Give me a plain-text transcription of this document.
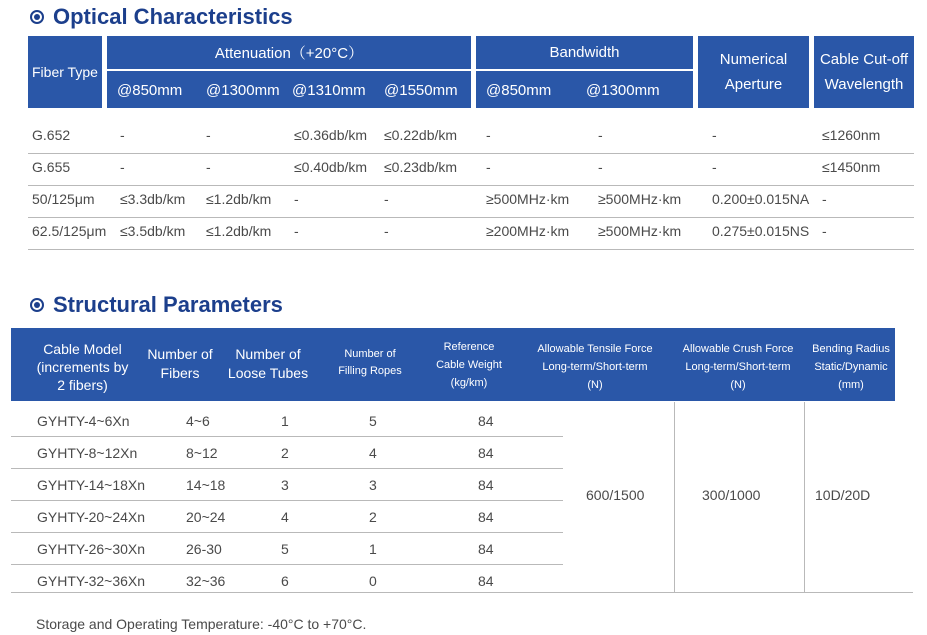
Optical Characteristics
Fiber Type
Attenuation（+20°C）
@850mm @1300mm @1310mm @1550mm
Bandwidth
@850mm @1300mm
Numerical
Aperture
Cable Cut-off
Wavelength
G.652	-	-	≤0.36db/km ≤0.22db/km -	-	-	≤1260nm
G.655	-	-	≤0.40db/km ≤0.23db/km -	-	-	≤1450nm
50/125μm ≤3.3db/km ≤1.2db/km -	-	≥500MHz·km ≥500MHz·km 0.200±0.015NA -
62.5/125μm ≤3.5db/km ≤1.2db/km -	-	≥200MHz·km ≥500MHz·km 0.275±0.015NS -
Structural Parameters
Cable Model
(increments by
2 fibers)
Number of
Fibers
Number of
Loose Tubes
Number of
Filling Ropes
Reference
Cable Weight
(kg/km)
Allowable Tensile Force
Long-term/Short-term
(N)
Allowable Crush Force
Long-term/Short-term
(N)
Bending Radius
Static/Dynamic
(mm)
GYHTY-4~6Xn	4~6	1	5	84
GYHTY-8~12Xn	8~12	2	4	84
GYHTY-14~18Xn	14~18	3	3	84
GYHTY-20~24Xn	20~24	4	2	84
GYHTY-26~30Xn	26-30	5	1	84
GYHTY-32~36Xn	32~36	6	0	84
600/1500	300/1000	10D/20D
Storage and Operating Temperature: -40°C to +70°C.
